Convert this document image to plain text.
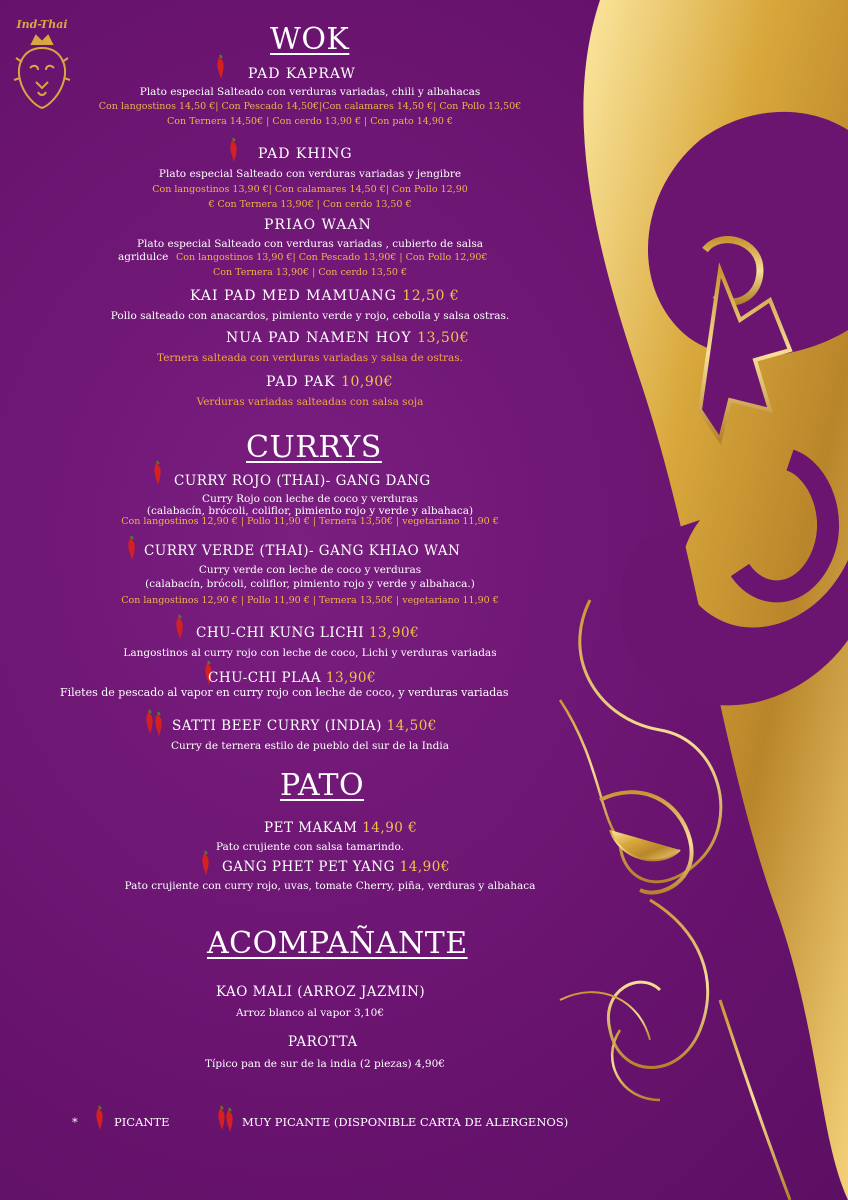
Ind-Thai	WOK
PAD KAPRAW
Plato especial Salteado con verduras variadas, chili y albahacas
Con langostinos 14,50 €| Con Pescado 14,50€|Con calamares 14,50 €| Con Pollo 13,50€
Con Ternera 14,50€ | Con cerdo 13,90 € | Con pato 14,90 €
PAD KHING
Plato especial Salteado con verduras variadas y jengibre
Con langostinos 13,90 €| Con calamares 14,50 €| Con Pollo 12,90
€ Con Ternera 13,90€ | Con cerdo 13,50 €
PRIAO WAAN
Plato especial Salteado con verduras variadas , cubierto de salsa
agridulce Con langostinos 13,90 €| Con Pescado 13,90€ | Con Pollo 12,90€
Con Ternera 13,90€ | Con cerdo 13,50 €
KAI PAD MED MAMUANG 12,50 €
Pollo salteado con anacardos, pimiento verde y rojo, cebolla y salsa ostras.
NUA PAD NAMEN HOY 13,50€
Ternera salteada con verduras variadas y salsa de ostras.
PAD PAK 10,90€
Verduras variadas salteadas con salsa soja
CURRYS
CURRY ROJO (THAI)- GANG DANG
Curry Rojo con leche de coco y verduras
(calabacín, brócoli, coliflor, pimiento rojo y verde y albahaca)
Con langostinos 12,90 € | Pollo 11,90 € | Ternera 13,50€ | vegetariano 11,90 €
CURRY VERDE (THAI)- GANG KHIAO WAN
Curry verde con leche de coco y verduras
(calabacín, brócoli, coliflor, pimiento rojo y verde y albahaca.)
Con langostinos 12,90 € | Pollo 11,90 € | Ternera 13,50€ | vegetariano 11,90 €
CHU-CHI KUNG LICHI 13,90€
Langostinos al curry rojo con leche de coco, Lichi y verduras variadas
CHU-CHI PLAA 13,90€
Filetes de pescado al vapor en curry rojo con leche de coco, y verduras variadas
SATTI BEEF CURRY (INDIA) 14,50€
Curry de ternera estilo de pueblo del sur de la India
PATO
PET MAKAM 14,90 €
Pato crujiente con salsa tamarindo.
GANG PHET PET YANG 14,90€
Pato crujiente con curry rojo, uvas, tomate Cherry, piña, verduras y albahaca
ACOMPAÑANTE
KAO MALI (ARROZ JAZMIN)
Arroz blanco al vapor 3,10€
PAROTTA
Típico pan de sur de la india (2 piezas) 4,90€
*	PICANTE	MUY PICANTE (DISPONIBLE CARTA DE ALERGENOS)
